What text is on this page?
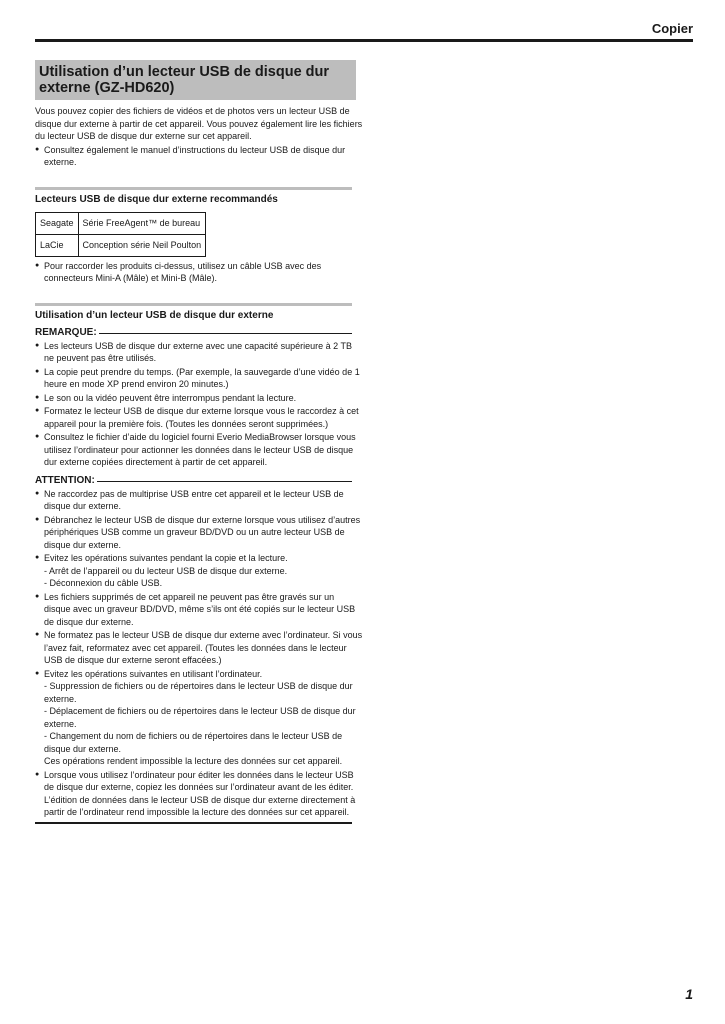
Copier
Utilisation d’un lecteur USB de disque dur externe (GZ-HD620)

Vous pouvez copier des fichiers de vidéos et de photos vers un lecteur USB de disque dur externe à partir de cet appareil. Vous pouvez également lire les fichiers du lecteur USB de disque dur externe sur cet appareil.

● Consultez également le manuel d’instructions du lecteur USB de disque dur externe.
Lecteurs USB de disque dur externe recommandés
Seagate	Série FreeAgent™ de bureau
LaCie	Conception série Neil Poulton
● Pour raccorder les produits ci-dessus, utilisez un câble USB avec des connecteurs Mini-A (Mâle) et Mini-B (Mâle).
Utilisation d’un lecteur USB de disque dur externe
REMARQUE:
● Les lecteurs USB de disque dur externe avec une capacité supérieure à 2 TB ne peuvent pas être utilisés.
● La copie peut prendre du temps. (Par exemple, la sauvegarde d’une vidéo de 1 heure en mode XP prend environ 20 minutes.)
● Le son ou la vidéo peuvent être interrompus pendant la lecture.
● Formatez le lecteur USB de disque dur externe lorsque vous le raccordez à cet appareil pour la première fois. (Toutes les données seront supprimées.)
● Consultez le fichier d’aide du logiciel fourni Everio MediaBrowser lorsque vous utilisez l’ordinateur pour actionner les données dans le lecteur USB de disque dur externe copiées directement à partir de cet appareil.
ATTENTION:
● Ne raccordez pas de multiprise USB entre cet appareil et le lecteur USB de disque dur externe.
● Débranchez le lecteur USB de disque dur externe lorsque vous utilisez d’autres périphériques USB comme un graveur BD/DVD ou un autre lecteur USB de disque dur externe.
● Evitez les opérations suivantes pendant la copie et la lecture.
- Arrêt de l’appareil ou du lecteur USB de disque dur externe.
- Déconnexion du câble USB.
● Les fichiers supprimés de cet appareil ne peuvent pas être gravés sur un disque avec un graveur BD/DVD, même s’ils ont été copiés sur le lecteur USB de disque dur externe.
● Ne formatez pas le lecteur USB de disque dur externe avec l’ordinateur. Si vous l’avez fait, reformatez avec cet appareil. (Toutes les données dans le lecteur USB de disque dur externe seront effacées.)
● Evitez les opérations suivantes en utilisant l’ordinateur.
- Suppression de fichiers ou de répertoires dans le lecteur USB de disque dur externe.
- Déplacement de fichiers ou de répertoires dans le lecteur USB de disque dur externe.
- Changement du nom de fichiers ou de répertoires dans le lecteur USB de disque dur externe.
Ces opérations rendent impossible la lecture des données sur cet appareil.
● Lorsque vous utilisez l’ordinateur pour éditer les données dans le lecteur USB de disque dur externe, copiez les données sur l’ordinateur avant de les éditer. L’édition de données dans le lecteur USB de disque dur externe directement à partir de l’ordinateur rend impossible la lecture des données sur cet appareil.
1
